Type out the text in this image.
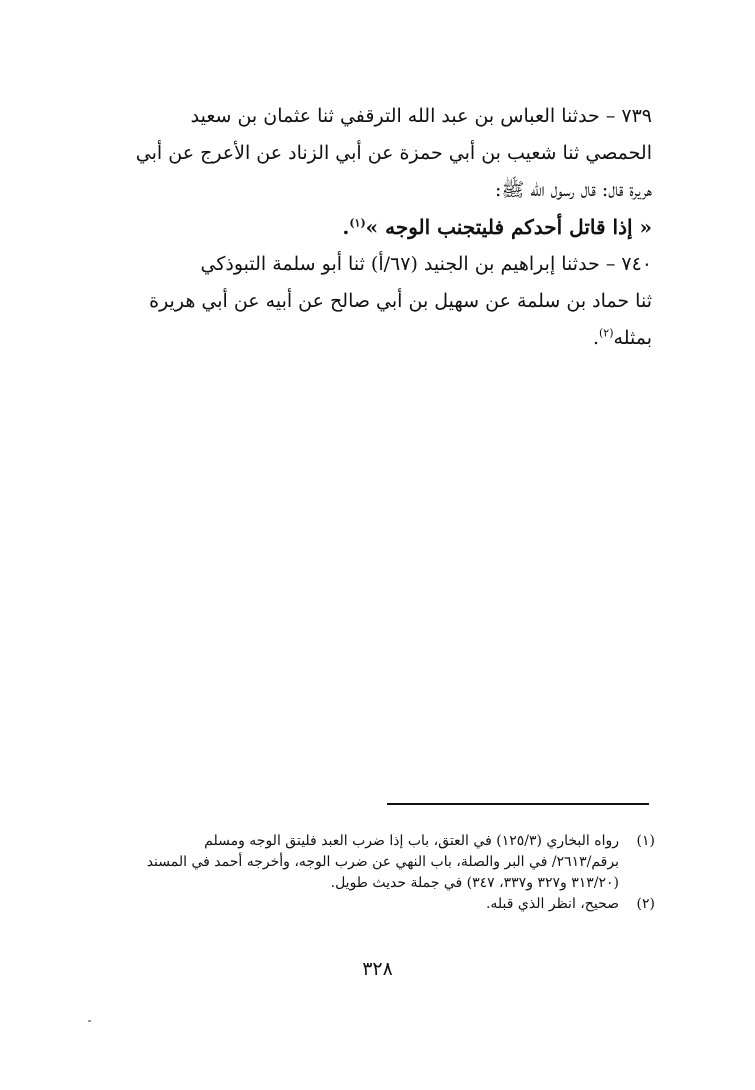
٧٣٩ – حدثنا العباس بن عبد الله الترقفي ثنا عثمان بن سعيد
الحمصي ثنا شعيب بن أبي حمزة عن أبي الزناد عن الأعرج عن أبي
هريرة قال: قال رسول الله ﷺ:
« إذا قاتل أحدكم فليتجنب الوجه »$^{(١)}$.
٧٤٠ – حدثنا إبراهيم بن الجنيد (٦٧/أ) ثنا أبو سلمة التبوذكي
ثنا حماد بن سلمة عن سهيل بن أبي صالح عن أبيه عن أبي هريرة
بمثله$^{(٢)}$.
(١)
رواه البخاري (١٢٥/٣) في العتق، باب إذا ضرب العبد فليتق الوجه ومسلم
برقم/٢٦١٣/ في البر والصلة، باب النهي عن ضرب الوجه، وأخرجه أحمد في المسند
(٣١٣/٢٠ و٣٢٧ و٣٣٧، ٣٤٧) في جملة حديث طويل.
(٢)
صحيح، انظر الذي قبله.
٣٢٨
